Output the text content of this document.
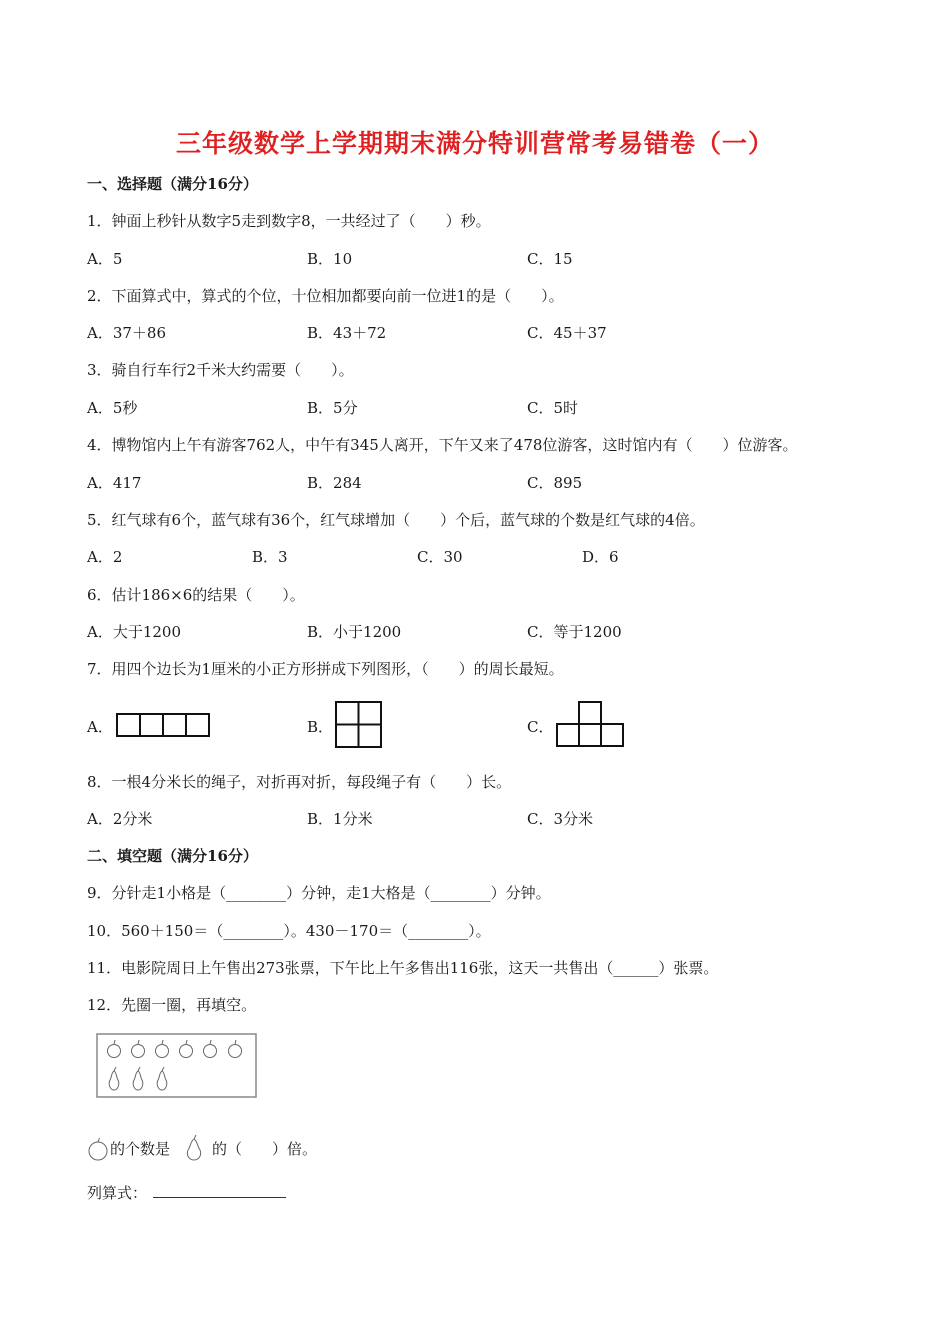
三年级数学上学期期末满分特训营常考易错卷（一）
一、选择题（满分16分）
1．钟面上秒针从数字5走到数字8，一共经过了（　　）秒。
A．5	B．10	C．15
2．下面算式中，算式的个位，十位相加都要向前一位进1的是（　　）。
A．37＋86	B．43＋72	C．45＋37
3．骑自行车行2千米大约需要（　　）。
A．5秒	B．5分	C．5时
4．博物馆内上午有游客762人，中午有345人离开，下午又来了478位游客，这时馆内有（　　）位游客。
A．417	B．284	C．895
5．红气球有6个，蓝气球有36个，红气球增加（　　）个后，蓝气球的个数是红气球的4倍。
A．2	B．3	C．30	D．6
6．估计186×6的结果（　　）。
A．大于1200	B．小于1200	C．等于1200
7．用四个边长为1厘米的小正方形拼成下列图形，（　　）的周长最短。
A．	B．	C．
8．一根4分米长的绳子，对折再对折，每段绳子有（　　）长。
A．2分米	B．1分米	C．3分米
二、填空题（满分16分）
9．分针走1小格是（________）分钟，走1大格是（________）分钟。
10．560＋150＝（________）。430－170＝（________）。
11．电影院周日上午售出273张票，下午比上午多售出116张，这天一共售出（______）张票。
12．先圈一圈，再填空。
的个数是	的（　　）倍。
列算式：
